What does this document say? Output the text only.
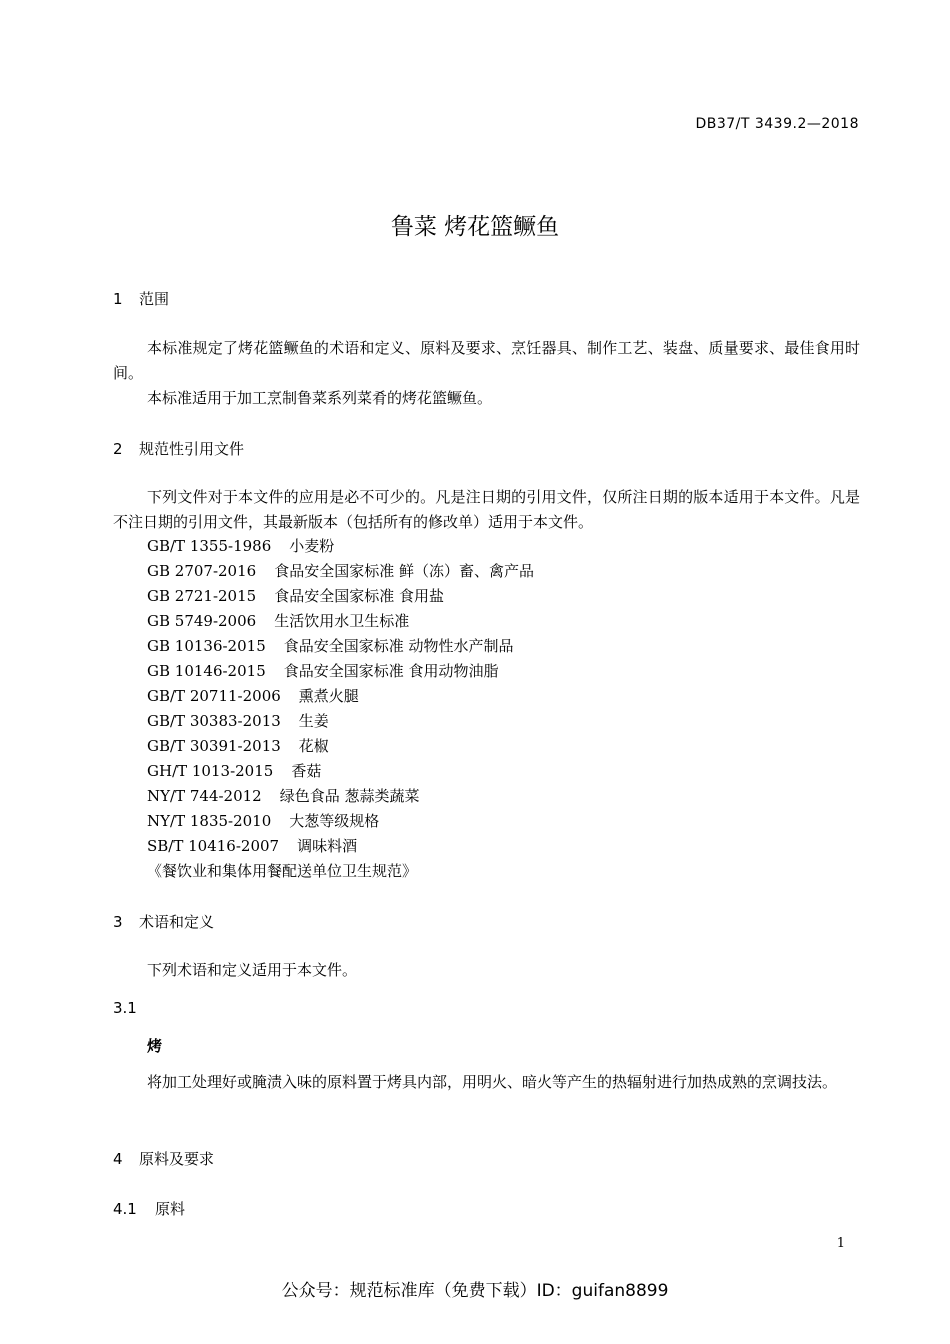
DB37/T 3439.2—2018
鲁菜 烤花篮鳜鱼
1 范围
本标准规定了烤花篮鳜鱼的术语和定义、原料及要求、烹饪器具、制作工艺、装盘、质量要求、最佳食用时间。
本标准适用于加工烹制鲁菜系列菜肴的烤花篮鳜鱼。
2 规范性引用文件
下列文件对于本文件的应用是必不可少的。凡是注日期的引用文件，仅所注日期的版本适用于本文件。凡是不注日期的引用文件，其最新版本（包括所有的修改单）适用于本文件。
GB/T 1355-1986 小麦粉
GB 2707-2016 食品安全国家标准 鲜（冻）畜、禽产品
GB 2721-2015 食品安全国家标准 食用盐
GB 5749-2006 生活饮用水卫生标准
GB 10136-2015 食品安全国家标准 动物性水产制品
GB 10146-2015 食品安全国家标准 食用动物油脂
GB/T 20711-2006 熏煮火腿
GB/T 30383-2013 生姜
GB/T 30391-2013 花椒
GH/T 1013-2015 香菇
NY/T 744-2012 绿色食品 葱蒜类蔬菜
NY/T 1835-2010 大葱等级规格
SB/T 10416-2007 调味料酒
《餐饮业和集体用餐配送单位卫生规范》
3 术语和定义
下列术语和定义适用于本文件。
3.1
烤
将加工处理好或腌渍入味的原料置于烤具内部，用明火、暗火等产生的热辐射进行加热成熟的烹调技法。
4 原料及要求
4.1 原料
1
公众号：规范标准库（免费下载）ID：guifan8899
